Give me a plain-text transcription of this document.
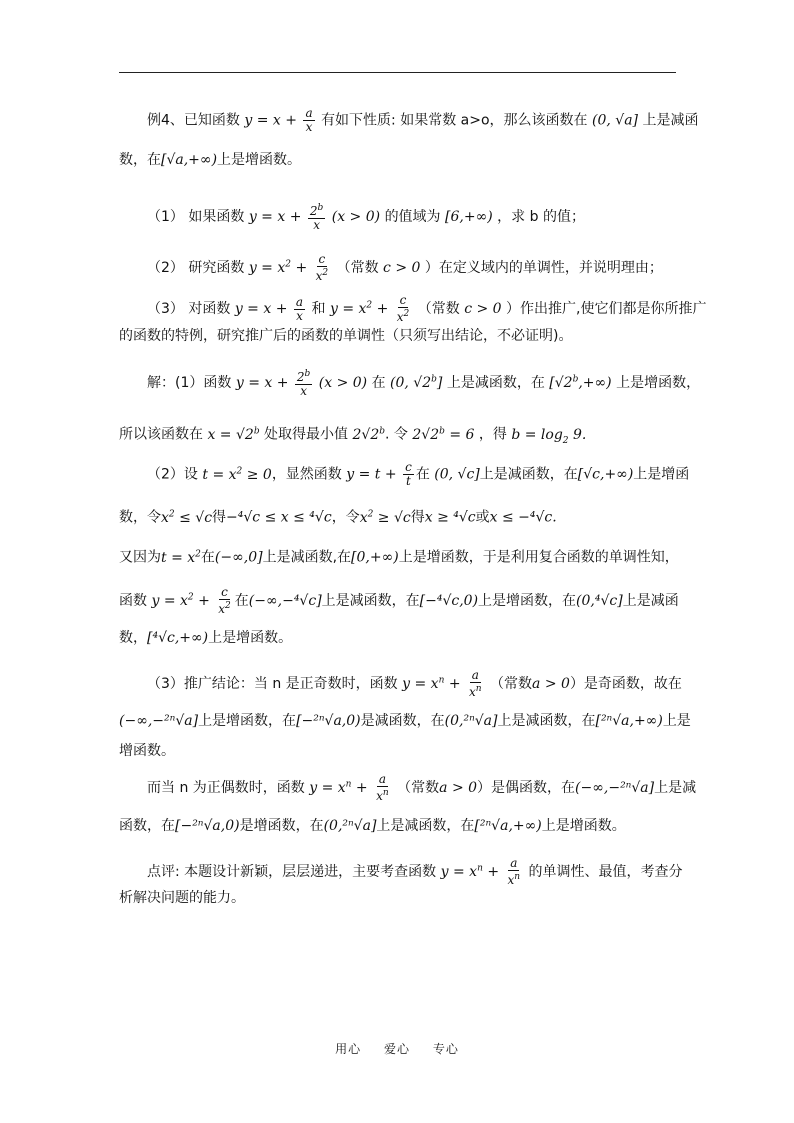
例4、已知函数 $y = x + \frac{a}{x}$ 有如下性质: 如果常数 a>o，那么该函数在 (0, √a] 上是减函
数，在[√a,+∞)上是增函数。
（1） 如果函数 $y = x + \frac{2^b}{x} (x > 0)$ 的值域为 [6,+∞) ，求 b 的值；
（2） 研究函数 $y = x^2 + \frac{c}{x^2}$ （常数 c > 0 ）在定义域内的单调性，并说明理由；
（3） 对函数 $y = x + \frac{a}{x}$ 和 $y = x^2 + \frac{c}{x^2}$ （常数 c > 0 ）作出推广,使它们都是你所推广
的函数的特例，研究推广后的函数的单调性（只须写出结论，不必证明)。
解：(1）函数 $y = x + \frac{2^b}{x} (x > 0)$ 在 (0, √2$^b$] 上是减函数，在 $[√2^b,+\infty)$ 上是增函数，
所以该函数在 $x = √2^b$ 处取得最小值 2√2$^b$. 令 $2√2^b = 6$ ，得 $b = \log_2 9$.
（2）设 $t = x^2 \ge 0$，显然函数 $y = t + \frac{c}{t}$ 在 (0, √c]上是减函数，在[√c,+∞)上是增函
数，令$x^2 \le √c$得−⁴√c ≤ x ≤ ⁴√c，令$x^2 \ge √c$得x ≥ ⁴√c或x ≤ −⁴√c.
又因为$t = x^2$在(−∞,0]上是减函数,在[0,+∞)上是增函数，于是利用复合函数的单调性知，
函数 $y = x^2 + \frac{c}{x^2}$ 在(−∞,−⁴√c]上是减函数，在[−⁴√c,0)上是增函数，在(0,⁴√c]上是减函
数，[⁴√c,+∞)上是增函数。
（3）推广结论：当 n 是正奇数时，函数 $y = x^n + \frac{a}{x^n}$ （常数a > 0）是奇函数，故在
(−∞,−²ⁿ√a]上是增函数，在[−²ⁿ√a,0)是减函数，在(0,²ⁿ√a]上是减函数，在[²ⁿ√a,+∞)上是
增函数。
而当 n 为正偶数时，函数 $y = x^n + \frac{a}{x^n}$ （常数a > 0）是偶函数，在(−∞,−²ⁿ√a]上是减
函数，在[−²ⁿ√a,0)是增函数，在(0,²ⁿ√a]上是减函数，在[²ⁿ√a,+∞)上是增函数。
点评: 本题设计新颖，层层递进，主要考查函数 $y = x^n + \frac{a}{x^n}$ 的单调性、最值，考查分
析解决问题的能力。
用心 爱心 专心
